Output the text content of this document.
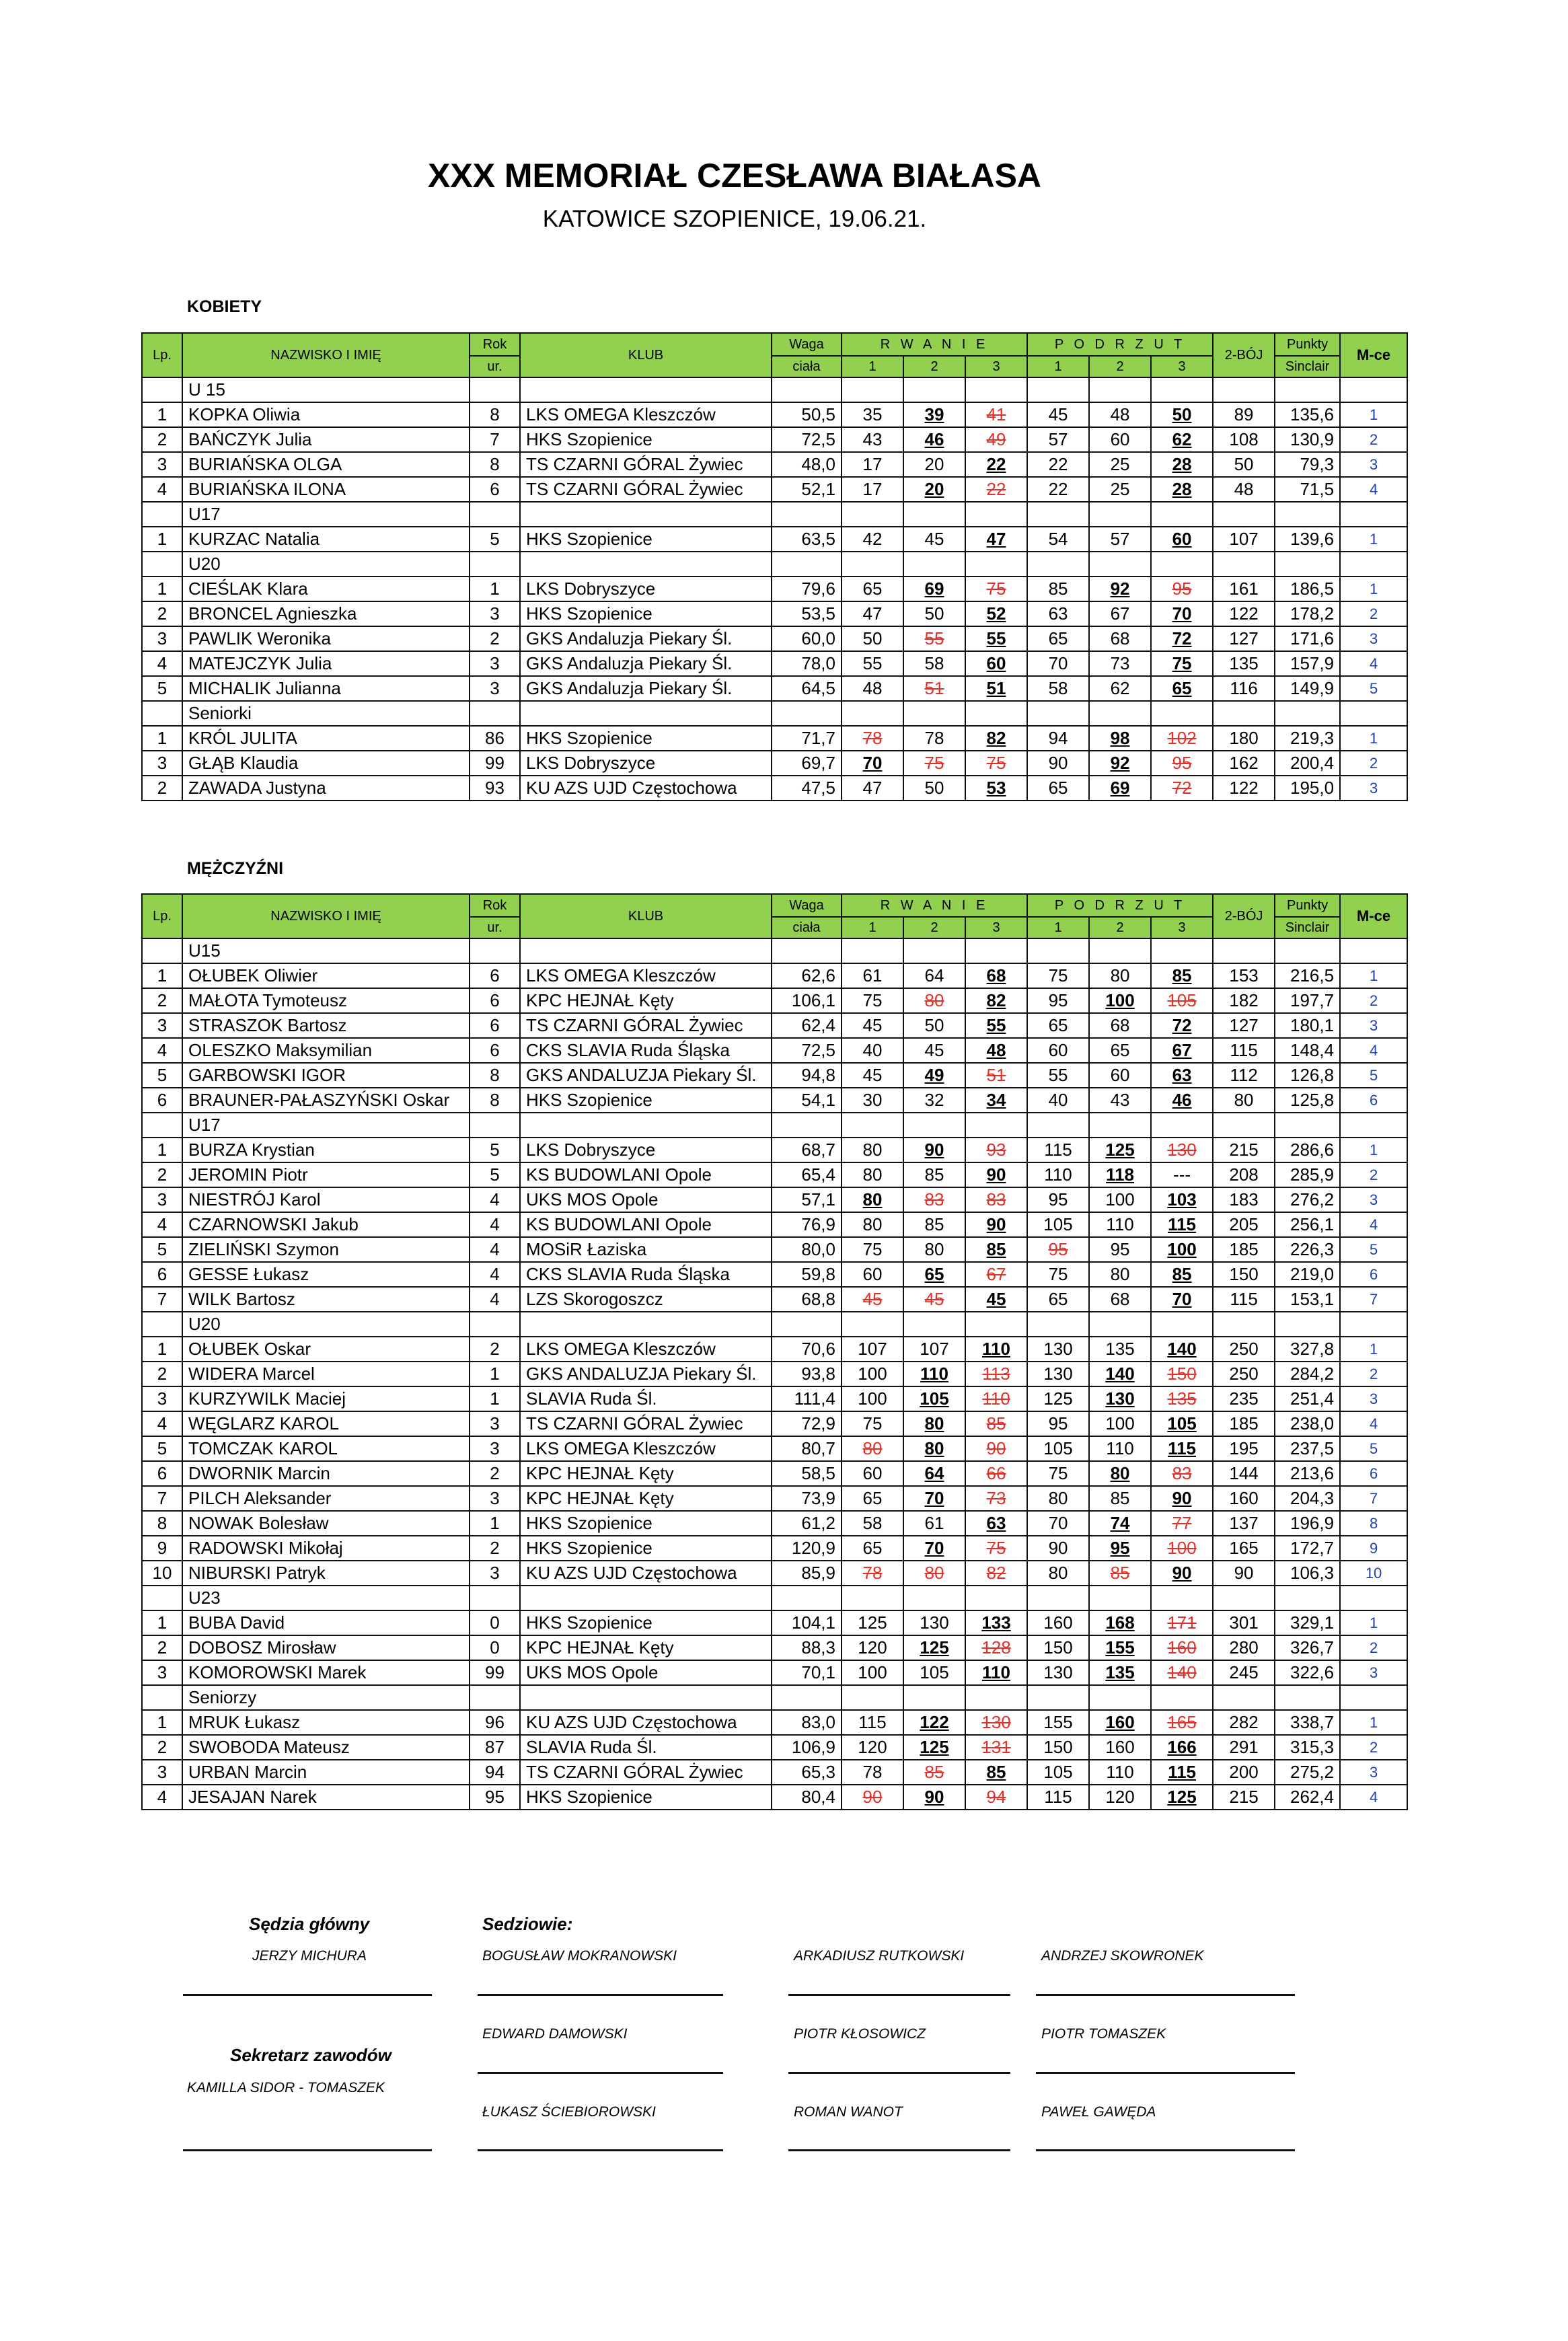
XXX MEMORIAŁ CZESŁAWA BIAŁASA
KATOWICE SZOPIENICE, 19.06.21.
KOBIETY
Lp.	NAZWISKO I IMIĘ	Rok	KLUB	Waga	R W A N I E			P O D R Z U T			2-BÓJ	Punkty	M-ce
		ur.		ciała	1	2	3	1	2	3		Sinclair	
	U 15												
1	KOPKA Oliwia	8	LKS OMEGA Kleszczów	50,5	35	39	41	45	48	50	89	135,6	1
2	BAŃCZYK Julia	7	HKS Szopienice	72,5	43	46	49	57	60	62	108	130,9	2
3	BURIAŃSKA OLGA	8	TS CZARNI GÓRAL Żywiec	48,0	17	20	22	22	25	28	50	79,3	3
4	BURIAŃSKA ILONA	6	TS CZARNI GÓRAL Żywiec	52,1	17	20	22	22	25	28	48	71,5	4
	U17												
1	KURZAC Natalia	5	HKS Szopienice	63,5	42	45	47	54	57	60	107	139,6	1
	U20												
1	CIEŚLAK Klara	1	LKS Dobryszyce	79,6	65	69	75	85	92	95	161	186,5	1
2	BRONCEL Agnieszka	3	HKS Szopienice	53,5	47	50	52	63	67	70	122	178,2	2
3	PAWLIK Weronika	2	GKS Andaluzja Piekary Śl.	60,0	50	55	55	65	68	72	127	171,6	3
4	MATEJCZYK Julia	3	GKS Andaluzja Piekary Śl.	78,0	55	58	60	70	73	75	135	157,9	4
5	MICHALIK Julianna	3	GKS Andaluzja Piekary Śl.	64,5	48	51	51	58	62	65	116	149,9	5
	Seniorki												
1	KRÓL JULITA	86	HKS Szopienice	71,7	78	78	82	94	98	102	180	219,3	1
3	GŁĄB Klaudia	99	LKS Dobryszyce	69,7	70	75	75	90	92	95	162	200,4	2
2	ZAWADA Justyna	93	KU AZS UJD Częstochowa	47,5	47	50	53	65	69	72	122	195,0	3
MĘŻCZYŹNI
Lp.	NAZWISKO I IMIĘ	Rok	KLUB	Waga	R W A N I E			P O D R Z U T			2-BÓJ	Punkty	M-ce
		ur.		ciała	1	2	3	1	2	3		Sinclair	
	U15												
1	OŁUBEK Oliwier	6	LKS OMEGA Kleszczów	62,6	61	64	68	75	80	85	153	216,5	1
2	MAŁOTA Tymoteusz	6	KPC HEJNAŁ Kęty	106,1	75	80	82	95	100	105	182	197,7	2
3	STRASZOK Bartosz	6	TS CZARNI GÓRAL Żywiec	62,4	45	50	55	65	68	72	127	180,1	3
4	OLESZKO Maksymilian	6	CKS SLAVIA Ruda Śląska	72,5	40	45	48	60	65	67	115	148,4	4
5	GARBOWSKI IGOR	8	GKS ANDALUZJA Piekary Śl.	94,8	45	49	51	55	60	63	112	126,8	5
6	BRAUNER-PAŁASZYŃSKI Oskar	8	HKS Szopienice	54,1	30	32	34	40	43	46	80	125,8	6
	U17												
1	BURZA Krystian	5	LKS Dobryszyce	68,7	80	90	93	115	125	130	215	286,6	1
2	JEROMIN Piotr	5	KS BUDOWLANI Opole	65,4	80	85	90	110	118	---	208	285,9	2
3	NIESTRÓJ Karol	4	UKS MOS Opole	57,1	80	83	83	95	100	103	183	276,2	3
4	CZARNOWSKI Jakub	4	KS BUDOWLANI Opole	76,9	80	85	90	105	110	115	205	256,1	4
5	ZIELIŃSKI Szymon	4	MOSiR Łaziska	80,0	75	80	85	95	95	100	185	226,3	5
6	GESSE Łukasz	4	CKS SLAVIA Ruda Śląska	59,8	60	65	67	75	80	85	150	219,0	6
7	WILK Bartosz	4	LZS Skorogoszcz	68,8	45	45	45	65	68	70	115	153,1	7
	U20												
1	OŁUBEK Oskar	2	LKS OMEGA Kleszczów	70,6	107	107	110	130	135	140	250	327,8	1
2	WIDERA Marcel	1	GKS ANDALUZJA Piekary Śl.	93,8	100	110	113	130	140	150	250	284,2	2
3	KURZYWILK Maciej	1	SLAVIA Ruda Śl.	111,4	100	105	110	125	130	135	235	251,4	3
4	WĘGLARZ KAROL	3	TS CZARNI GÓRAL Żywiec	72,9	75	80	85	95	100	105	185	238,0	4
5	TOMCZAK KAROL	3	LKS OMEGA Kleszczów	80,7	80	80	90	105	110	115	195	237,5	5
6	DWORNIK Marcin	2	KPC HEJNAŁ Kęty	58,5	60	64	66	75	80	83	144	213,6	6
7	PILCH Aleksander	3	KPC HEJNAŁ Kęty	73,9	65	70	73	80	85	90	160	204,3	7
8	NOWAK Bolesław	1	HKS Szopienice	61,2	58	61	63	70	74	77	137	196,9	8
9	RADOWSKI Mikołaj	2	HKS Szopienice	120,9	65	70	75	90	95	100	165	172,7	9
10	NIBURSKI Patryk	3	KU AZS UJD Częstochowa	85,9	78	80	82	80	85	90	90	106,3	10
	U23												
1	BUBA David	0	HKS Szopienice	104,1	125	130	133	160	168	171	301	329,1	1
2	DOBOSZ Mirosław	0	KPC HEJNAŁ Kęty	88,3	120	125	128	150	155	160	280	326,7	2
3	KOMOROWSKI Marek	99	UKS MOS Opole	70,1	100	105	110	130	135	140	245	322,6	3
	Seniorzy												
1	MRUK Łukasz	96	KU AZS UJD Częstochowa	83,0	115	122	130	155	160	165	282	338,7	1
2	SWOBODA Mateusz	87	SLAVIA Ruda Śl.	106,9	120	125	131	150	160	166	291	315,3	2
3	URBAN Marcin	94	TS CZARNI GÓRAL Żywiec	65,3	78	85	85	105	110	115	200	275,2	3
4	JESAJAN Narek	95	HKS Szopienice	80,4	90	90	94	115	120	125	215	262,4	4
Sędzia główny
JERZY MICHURA
Sekretarz zawodów
KAMILLA SIDOR - TOMASZEK
Sedziowie:
BOGUSŁAW MOKRANOWSKI	ARKADIUSZ RUTKOWSKI	ANDRZEJ SKOWRONEK
EDWARD DAMOWSKI	PIOTR KŁOSOWICZ	PIOTR TOMASZEK
ŁUKASZ ŚCIEBIOROWSKI	ROMAN WANOT	PAWEŁ GAWĘDA
